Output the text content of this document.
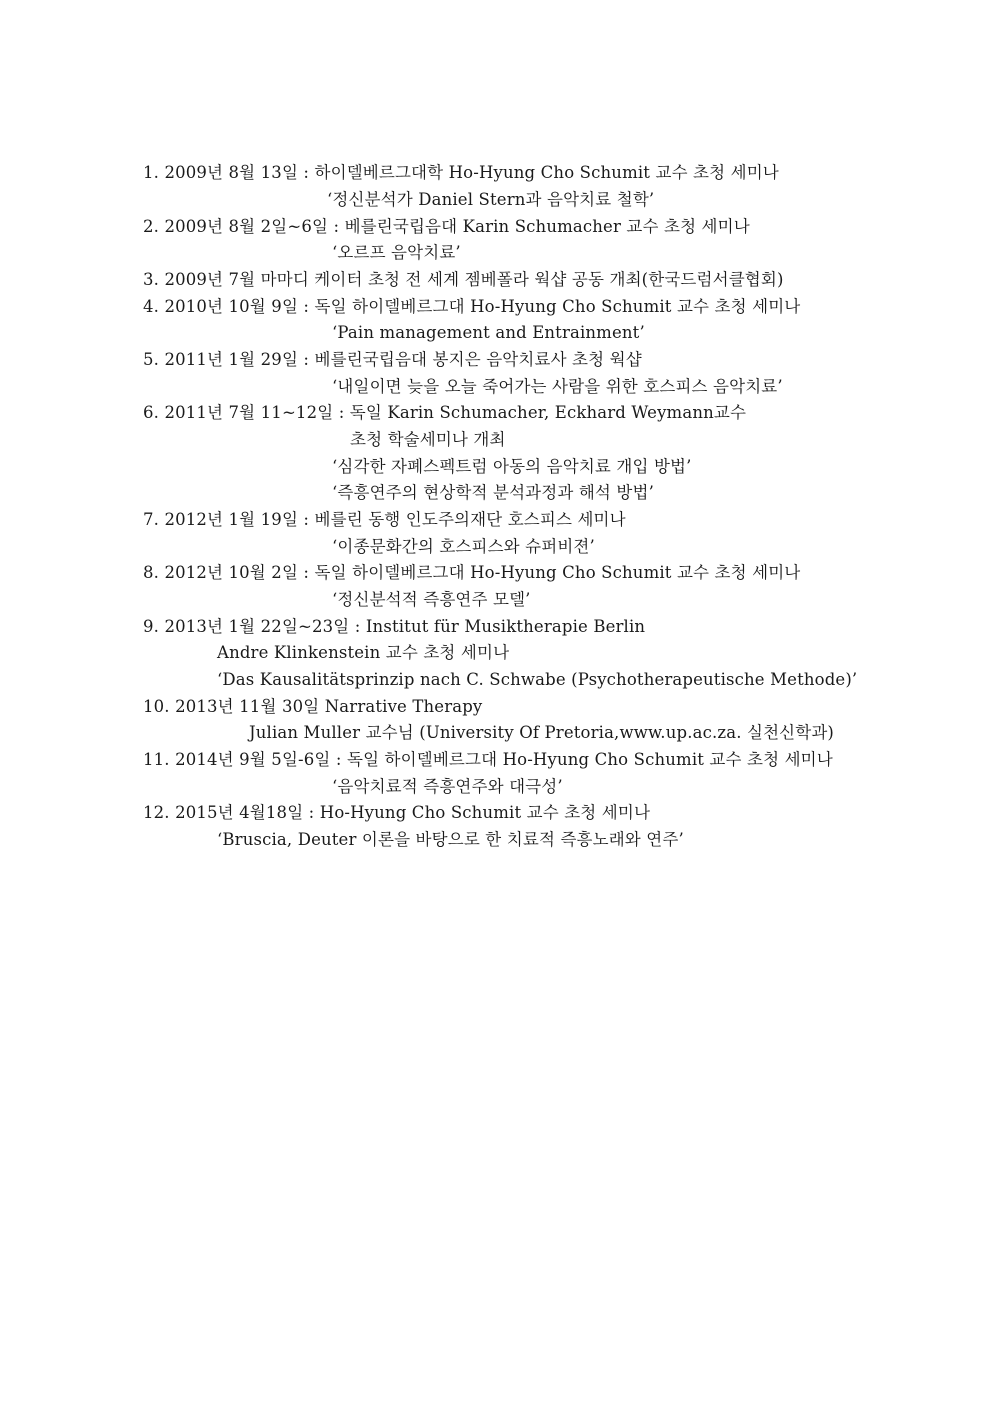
1. 2009년 8월 13일 : 하이델베르그대학 Ho-Hyung Cho Schumit 교수 초청 세미나
‘정신분석가 Daniel Stern과 음악치료 철학’
2. 2009년 8월 2일~6일 : 베를린국립음대 Karin Schumacher 교수 초청 세미나
‘오르프 음악치료’
3. 2009년 7월 마마디 케이터 초청 전 세계 젬베폴라 웍샵 공동 개최(한국드럼서클협회)
4. 2010년 10월 9일 : 독일 하이델베르그대 Ho-Hyung Cho Schumit 교수 초청 세미나
‘Pain management and Entrainment’
5. 2011년 1월 29일 : 베를린국립음대 봉지은 음악치료사 초청 웍샵
‘내일이면 늦을 오늘 죽어가는 사람을 위한 호스피스 음악치료’
6. 2011년 7월 11~12일 : 독일 Karin Schumacher, Eckhard Weymann교수
초청 학술세미나 개최
‘심각한 자폐스펙트럼 아동의 음악치료 개입 방법’
‘즉흥연주의 현상학적 분석과정과 해석 방법’
7. 2012년 1월 19일 : 베를린 동행 인도주의재단 호스피스 세미나
‘이종문화간의 호스피스와 슈퍼비젼’
8. 2012년 10월 2일 : 독일 하이델베르그대 Ho-Hyung Cho Schumit 교수 초청 세미나
‘정신분석적 즉흥연주 모델’
9. 2013년 1월 22일~23일 : Institut für Musiktherapie Berlin
Andre Klinkenstein 교수 초청 세미나
‘Das Kausalitätsprinzip nach C. Schwabe (Psychotherapeutische Methode)’
10. 2013년 11월 30일 Narrative Therapy
Julian Muller 교수님 (University Of Pretoria,www.up.ac.za. 실천신학과)
11. 2014년 9월 5일-6일 : 독일 하이델베르그대 Ho-Hyung Cho Schumit 교수 초청 세미나
‘음악치료적 즉흥연주와 대극성’
12. 2015년 4월18일 : Ho-Hyung Cho Schumit 교수 초청 세미나
‘Bruscia, Deuter 이론을 바탕으로 한 치료적 즉흥노래와 연주’
